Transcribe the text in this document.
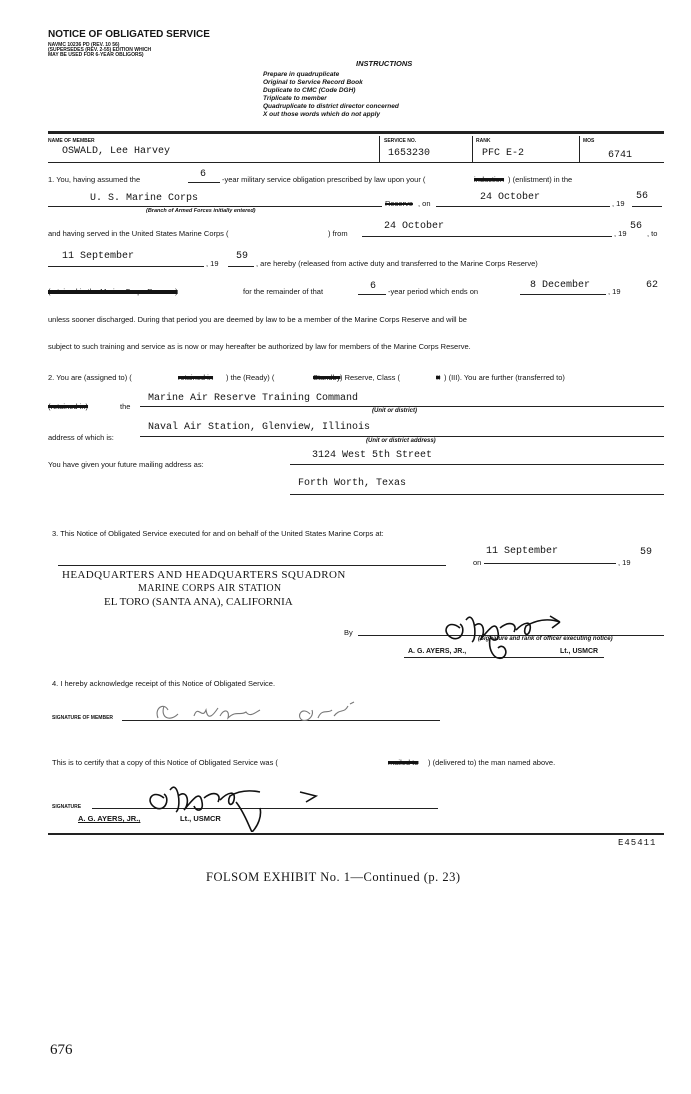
NOTICE OF OBLIGATED SERVICE
NAVMC 10236 PD (REV. 10 56)
(SUPERSEDES (REV. 2-55) EDITION WHICH
MAY BE USED FOR 6-YEAR OBLIGORS)
INSTRUCTIONS
Prepare in quadruplicate
Original to Service Record Book
Duplicate to CMC (Code DGH)
Triplicate to member
Quadruplicate to district director concerned
X out those words which do not apply
NAME OF MEMBER
OSWALD, Lee Harvey
SERVICE NO.
1653230
RANK
PFC E-2
MOS
6741
1. You, having assumed the	6 -year military service obligation prescribed by law upon your (	induction ) (enlistment) in the
U. S. Marine Corps
(Branch of Armed Forces initially entered)
Reserve , on
24 October
, 19
56
and having served in the United States Marine Corps (	) from
24 October
, 19
56
, to
11 September
, 19
59
, are hereby (released from active duty and transferred to the Marine Corps Reserve)
(retained in the Marine Corps Reserve)	for the remainder of that	6 -year period which ends on
8 December
, 19
62
unless sooner discharged. During that period you are deemed by law to be a member of the Marine Corps Reserve and will be
subject to such training and service as is now or may hereafter be authorized by law for members of the Marine Corps Reserve.
2. You are (assigned to) (	retained in ) the (Ready) (	Standby ) Reserve, Class (	II ) (III). You are further (transferred to)
(retained in)	the
Marine Air Reserve Training Command
(Unit or district)
address of which is:
Naval Air Station, Glenview, Illinois
(Unit or district address)
You have given your future mailing address as:
3124 West 5th Street
Forth Worth, Texas
3. This Notice of Obligated Service executed for and on behalf of the United States Marine Corps at:
on
11 September
, 19
59
HEADQUARTERS AND HEADQUARTERS SQUADRON
MARINE CORPS AIR STATION
EL TORO (SANTA ANA), CALIFORNIA
By
(Signature and rank of officer executing notice)
A. G. AYERS, JR.,	Lt., USMCR
4. I hereby acknowledge receipt of this Notice of Obligated Service.
SIGNATURE OF MEMBER
This is to certify that a copy of this Notice of Obligated Service was (	mailed to ) (delivered to) the man named above.
SIGNATURE
A. G. AYERS, JR.,	Lt., USMCR
E45411
FOLSOM EXHIBIT No. 1—Continued (p. 23)
676
